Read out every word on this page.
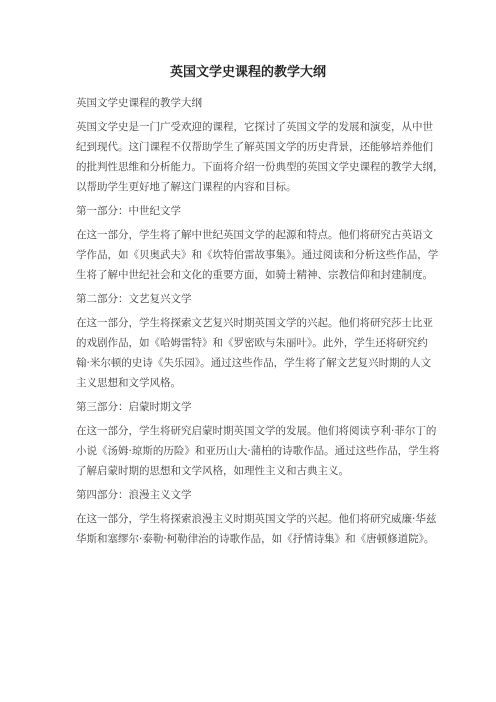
英国文学史课程的教学大纲

英国文学史课程的教学大纲

英国文学史是一门广受欢迎的课程，它探讨了英国文学的发展和演变，从中世

纪到现代。这门课程不仅帮助学生了解英国文学的历史背景，还能够培养他们

的批判性思维和分析能力。下面将介绍一份典型的英国文学史课程的教学大纲，

以帮助学生更好地了解这门课程的内容和目标。

第一部分：中世纪文学

在这一部分，学生将了解中世纪英国文学的起源和特点。他们将研究古英语文

学作品，如《贝奥武夫》和《坎特伯雷故事集》。通过阅读和分析这些作品，学

生将了解中世纪社会和文化的重要方面，如骑士精神、宗教信仰和封建制度。

第二部分：文艺复兴文学

在这一部分，学生将探索文艺复兴时期英国文学的兴起。他们将研究莎士比亚

的戏剧作品，如《哈姆雷特》和《罗密欧与朱丽叶》。此外，学生还将研究约

翰·米尔顿的史诗《失乐园》。通过这些作品，学生将了解文艺复兴时期的人文

主义思想和文学风格。

第三部分：启蒙时期文学

在这一部分，学生将研究启蒙时期英国文学的发展。他们将阅读亨利·菲尔丁的

小说《汤姆·琼斯的历险》和亚历山大·蒲柏的诗歌作品。通过这些作品，学生将

了解启蒙时期的思想和文学风格，如理性主义和古典主义。

第四部分：浪漫主义文学

在这一部分，学生将探索浪漫主义时期英国文学的兴起。他们将研究威廉·华兹

华斯和塞缪尔·泰勒·柯勒律治的诗歌作品，如《抒情诗集》和《唐顿修道院》。
